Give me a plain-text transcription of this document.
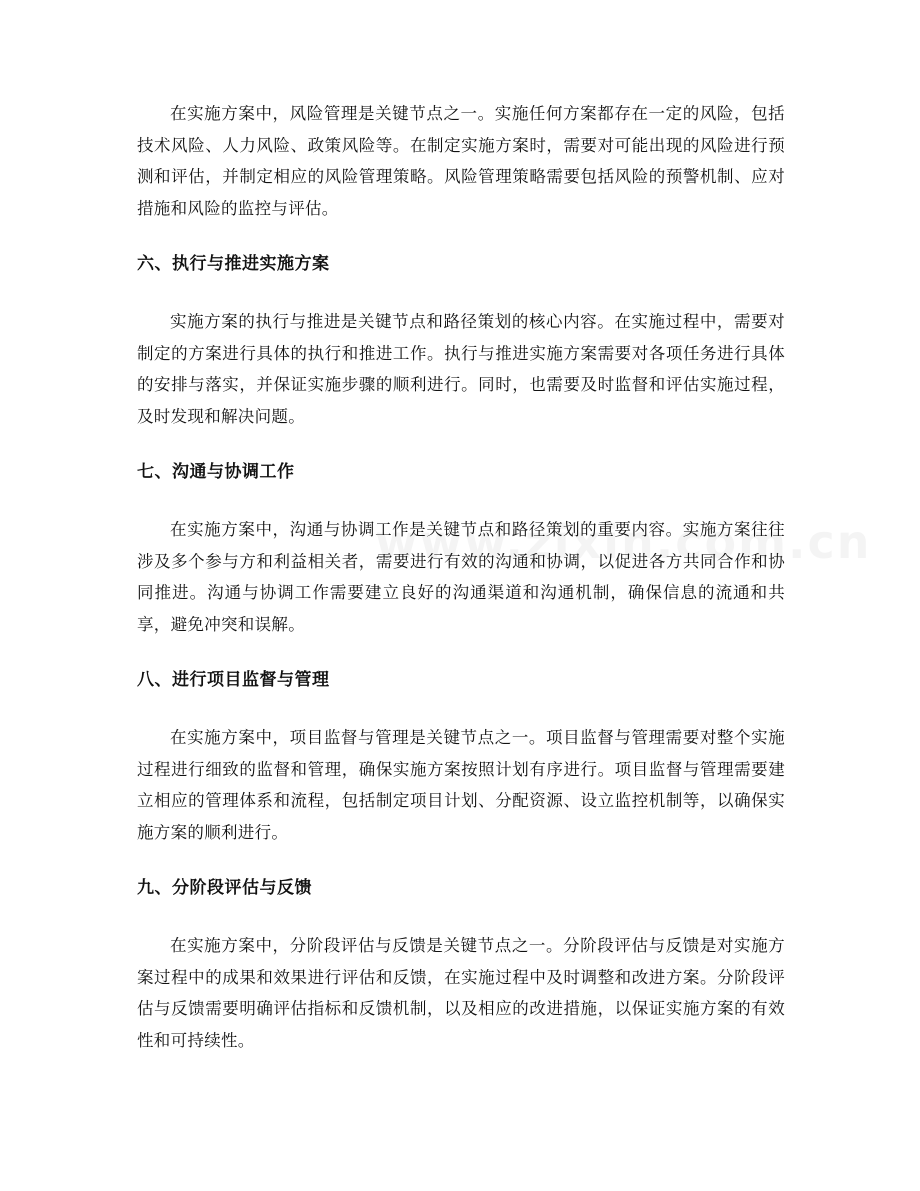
在实施方案中，风险管理是关键节点之一。实施任何方案都存在一定的风险，包括技术风险、人力风险、政策风险等。在制定实施方案时，需要对可能出现的风险进行预测和评估，并制定相应的风险管理策略。风险管理策略需要包括风险的预警机制、应对措施和风险的监控与评估。

六、执行与推进实施方案

实施方案的执行与推进是关键节点和路径策划的核心内容。在实施过程中，需要对制定的方案进行具体的执行和推进工作。执行与推进实施方案需要对各项任务进行具体的安排与落实，并保证实施步骤的顺利进行。同时，也需要及时监督和评估实施过程，及时发现和解决问题。

七、沟通与协调工作

在实施方案中，沟通与协调工作是关键节点和路径策划的重要内容。实施方案往往涉及多个参与方和利益相关者，需要进行有效的沟通和协调，以促进各方共同合作和协同推进。沟通与协调工作需要建立良好的沟通渠道和沟通机制，确保信息的流通和共享，避免冲突和误解。

八、进行项目监督与管理

在实施方案中，项目监督与管理是关键节点之一。项目监督与管理需要对整个实施过程进行细致的监督和管理，确保实施方案按照计划有序进行。项目监督与管理需要建立相应的管理体系和流程，包括制定项目计划、分配资源、设立监控机制等，以确保实施方案的顺利进行。

九、分阶段评估与反馈

在实施方案中，分阶段评估与反馈是关键节点之一。分阶段评估与反馈是对实施方案过程中的成果和效果进行评估和反馈，在实施过程中及时调整和改进方案。分阶段评估与反馈需要明确评估指标和反馈机制，以及相应的改进措施，以保证实施方案的有效性和可持续性。
